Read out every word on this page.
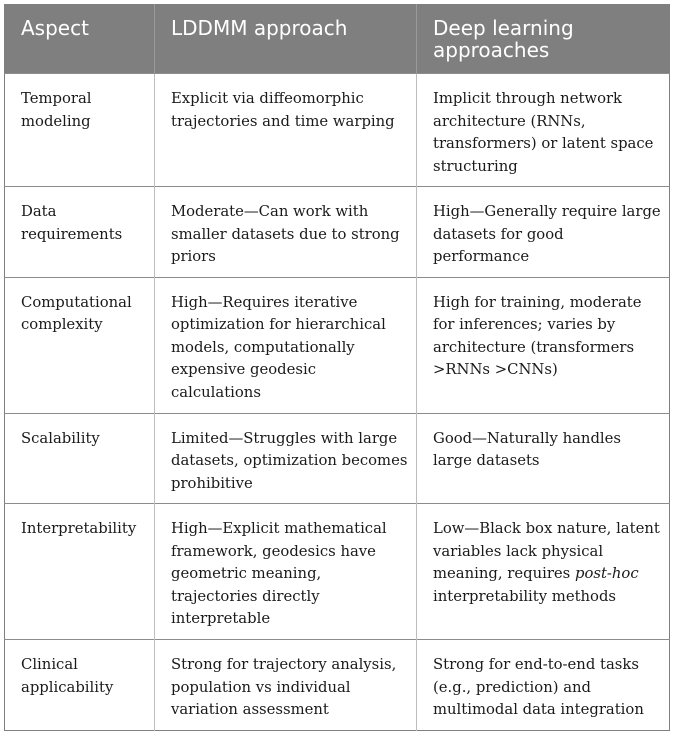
Aspect	LDDMM approach	Deep learning approaches
Temporal modeling	Explicit via diffeomorphic trajectories and time warping	Implicit through network architecture (RNNs, transformers) or latent space structuring
Data requirements	Moderate—Can work with smaller datasets due to strong priors	High—Generally require large datasets for good performance
Computational complexity	High—Requires iterative optimization for hierarchical models, computationally expensive geodesic calculations	High for training, moderate for inferences; varies by architecture (transformers >RNNs >CNNs)
Scalability	Limited—Struggles with large datasets, optimization becomes prohibitive	Good—Naturally handles large datasets
Interpretability	High—Explicit mathematical framework, geodesics have geometric meaning, trajectories directly interpretable	Low—Black box nature, latent variables lack physical meaning, requires post-hoc interpretability methods
Clinical applicability	Strong for trajectory analysis, population vs individual variation assessment	Strong for end-to-end tasks (e.g., prediction) and multimodal data integration
